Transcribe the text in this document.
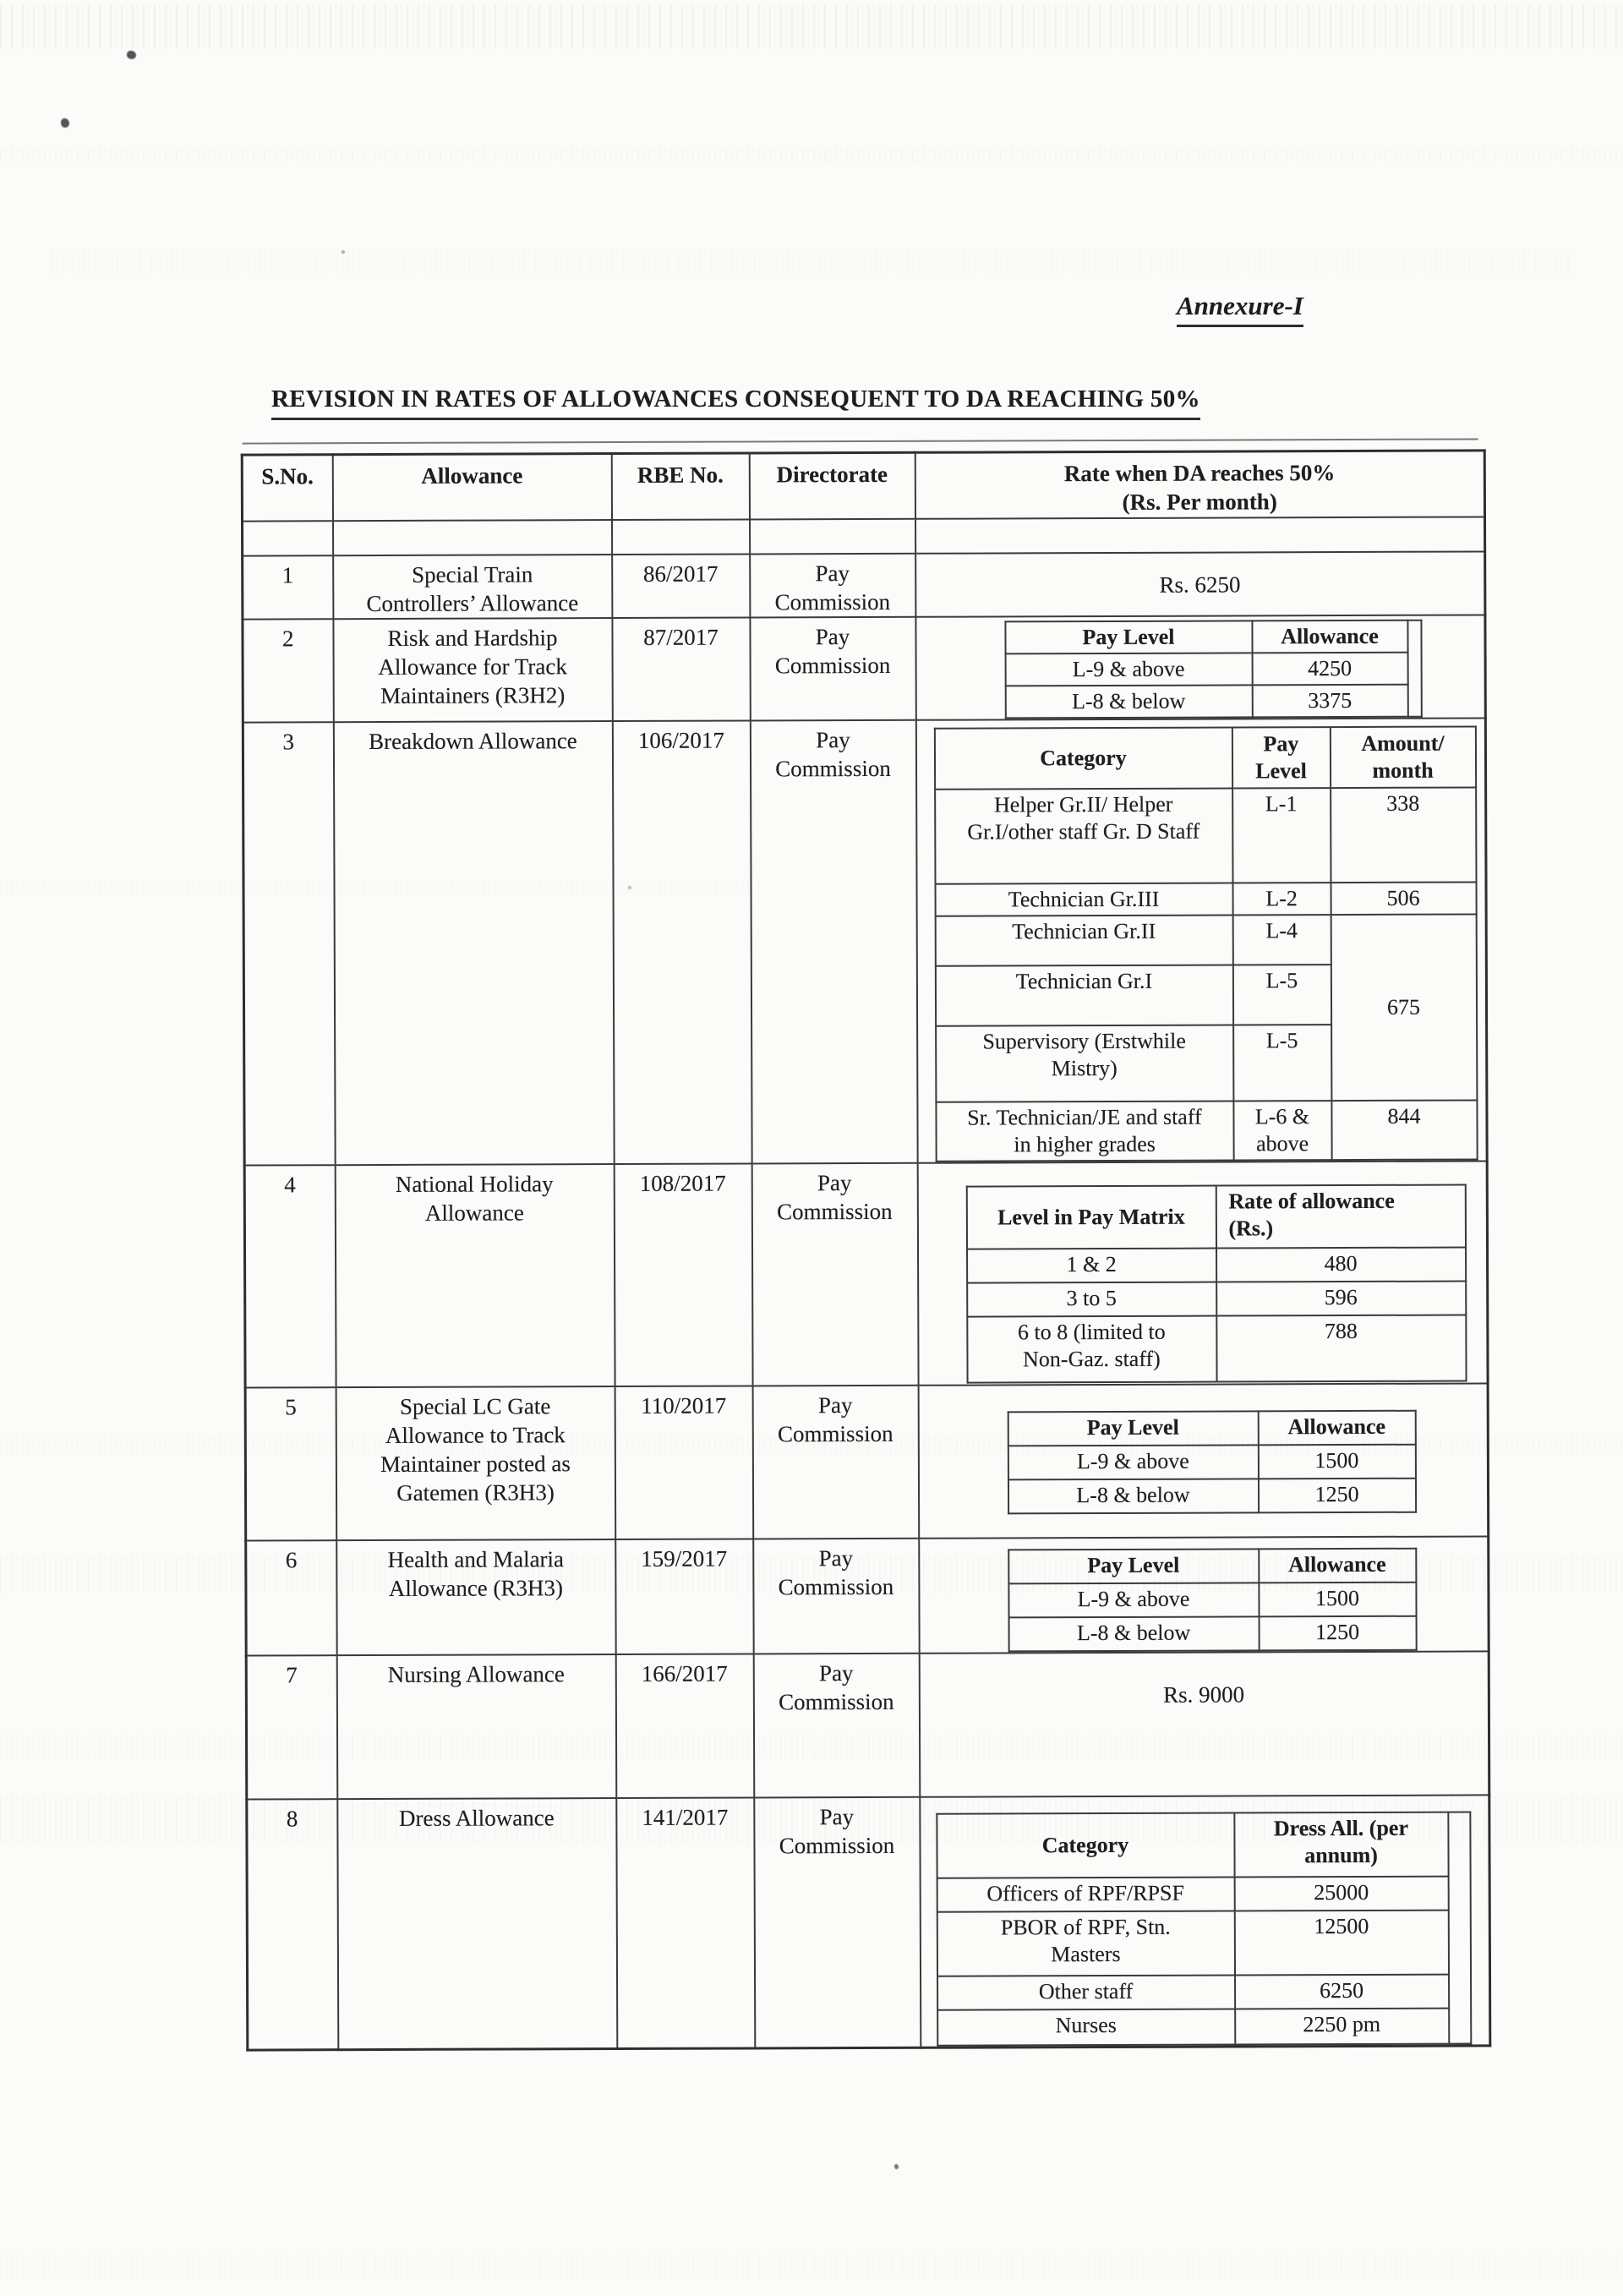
Annexure-I
REVISION IN RATES OF ALLOWANCES CONSEQUENT TO DA REACHING 50%
S.No.	Allowance	RBE No.	Directorate	Rate when DA reaches 50%
(Rs. Per month)

1	Special Train Controllers’ Allowance	86/2017	Pay Commission	Rs. 6250
2	Risk and Hardship Allowance for Track Maintainers (R3H2)	87/2017	Pay Commission	
Pay Level	Allowance	
L-9 & above	4250
L-8 & below	3375

3	Breakdown Allowance	106/2017	Pay Commission		Category	Pay Level	Amount/ month
Helper Gr.II/ Helper Gr.I/other staff Gr. D Staff	L-1	338
Technician Gr.III	L-2	506
Technician Gr.II	L-4	675
Technician Gr.I	L-5
Supervisory (Erstwhile Mistry)	L-5
Sr. Technician/JE and staff in higher grades	L-6 & above	844

4	National Holiday Allowance	108/2017	Pay Commission		Level in Pay Matrix	Rate of allowance (Rs.)
1 & 2	480
3 to 5	596
6 to 8 (limited to Non-Gaz. staff)	788

5	Special LC Gate Allowance to Track Maintainer posted as Gatemen (R3H3)	110/2017	Pay Commission		Pay Level	Allowance
L-9 & above	1500
L-8 & below	1250

6	Health and Malaria Allowance (R3H3)	159/2017	Pay Commission	
Pay Level	Allowance
L-9 & above	1500
L-8 & below	1250

7	Nursing Allowance	166/2017	Pay Commission	Rs. 9000
8	Dress Allowance	141/2017	Pay Commission		Category	Dress All. (per annum)	
Officers of RPF/RPSF	25000
PBOR of RPF, Stn. Masters	12500
Other staff	6250
Nurses	2250 pm
